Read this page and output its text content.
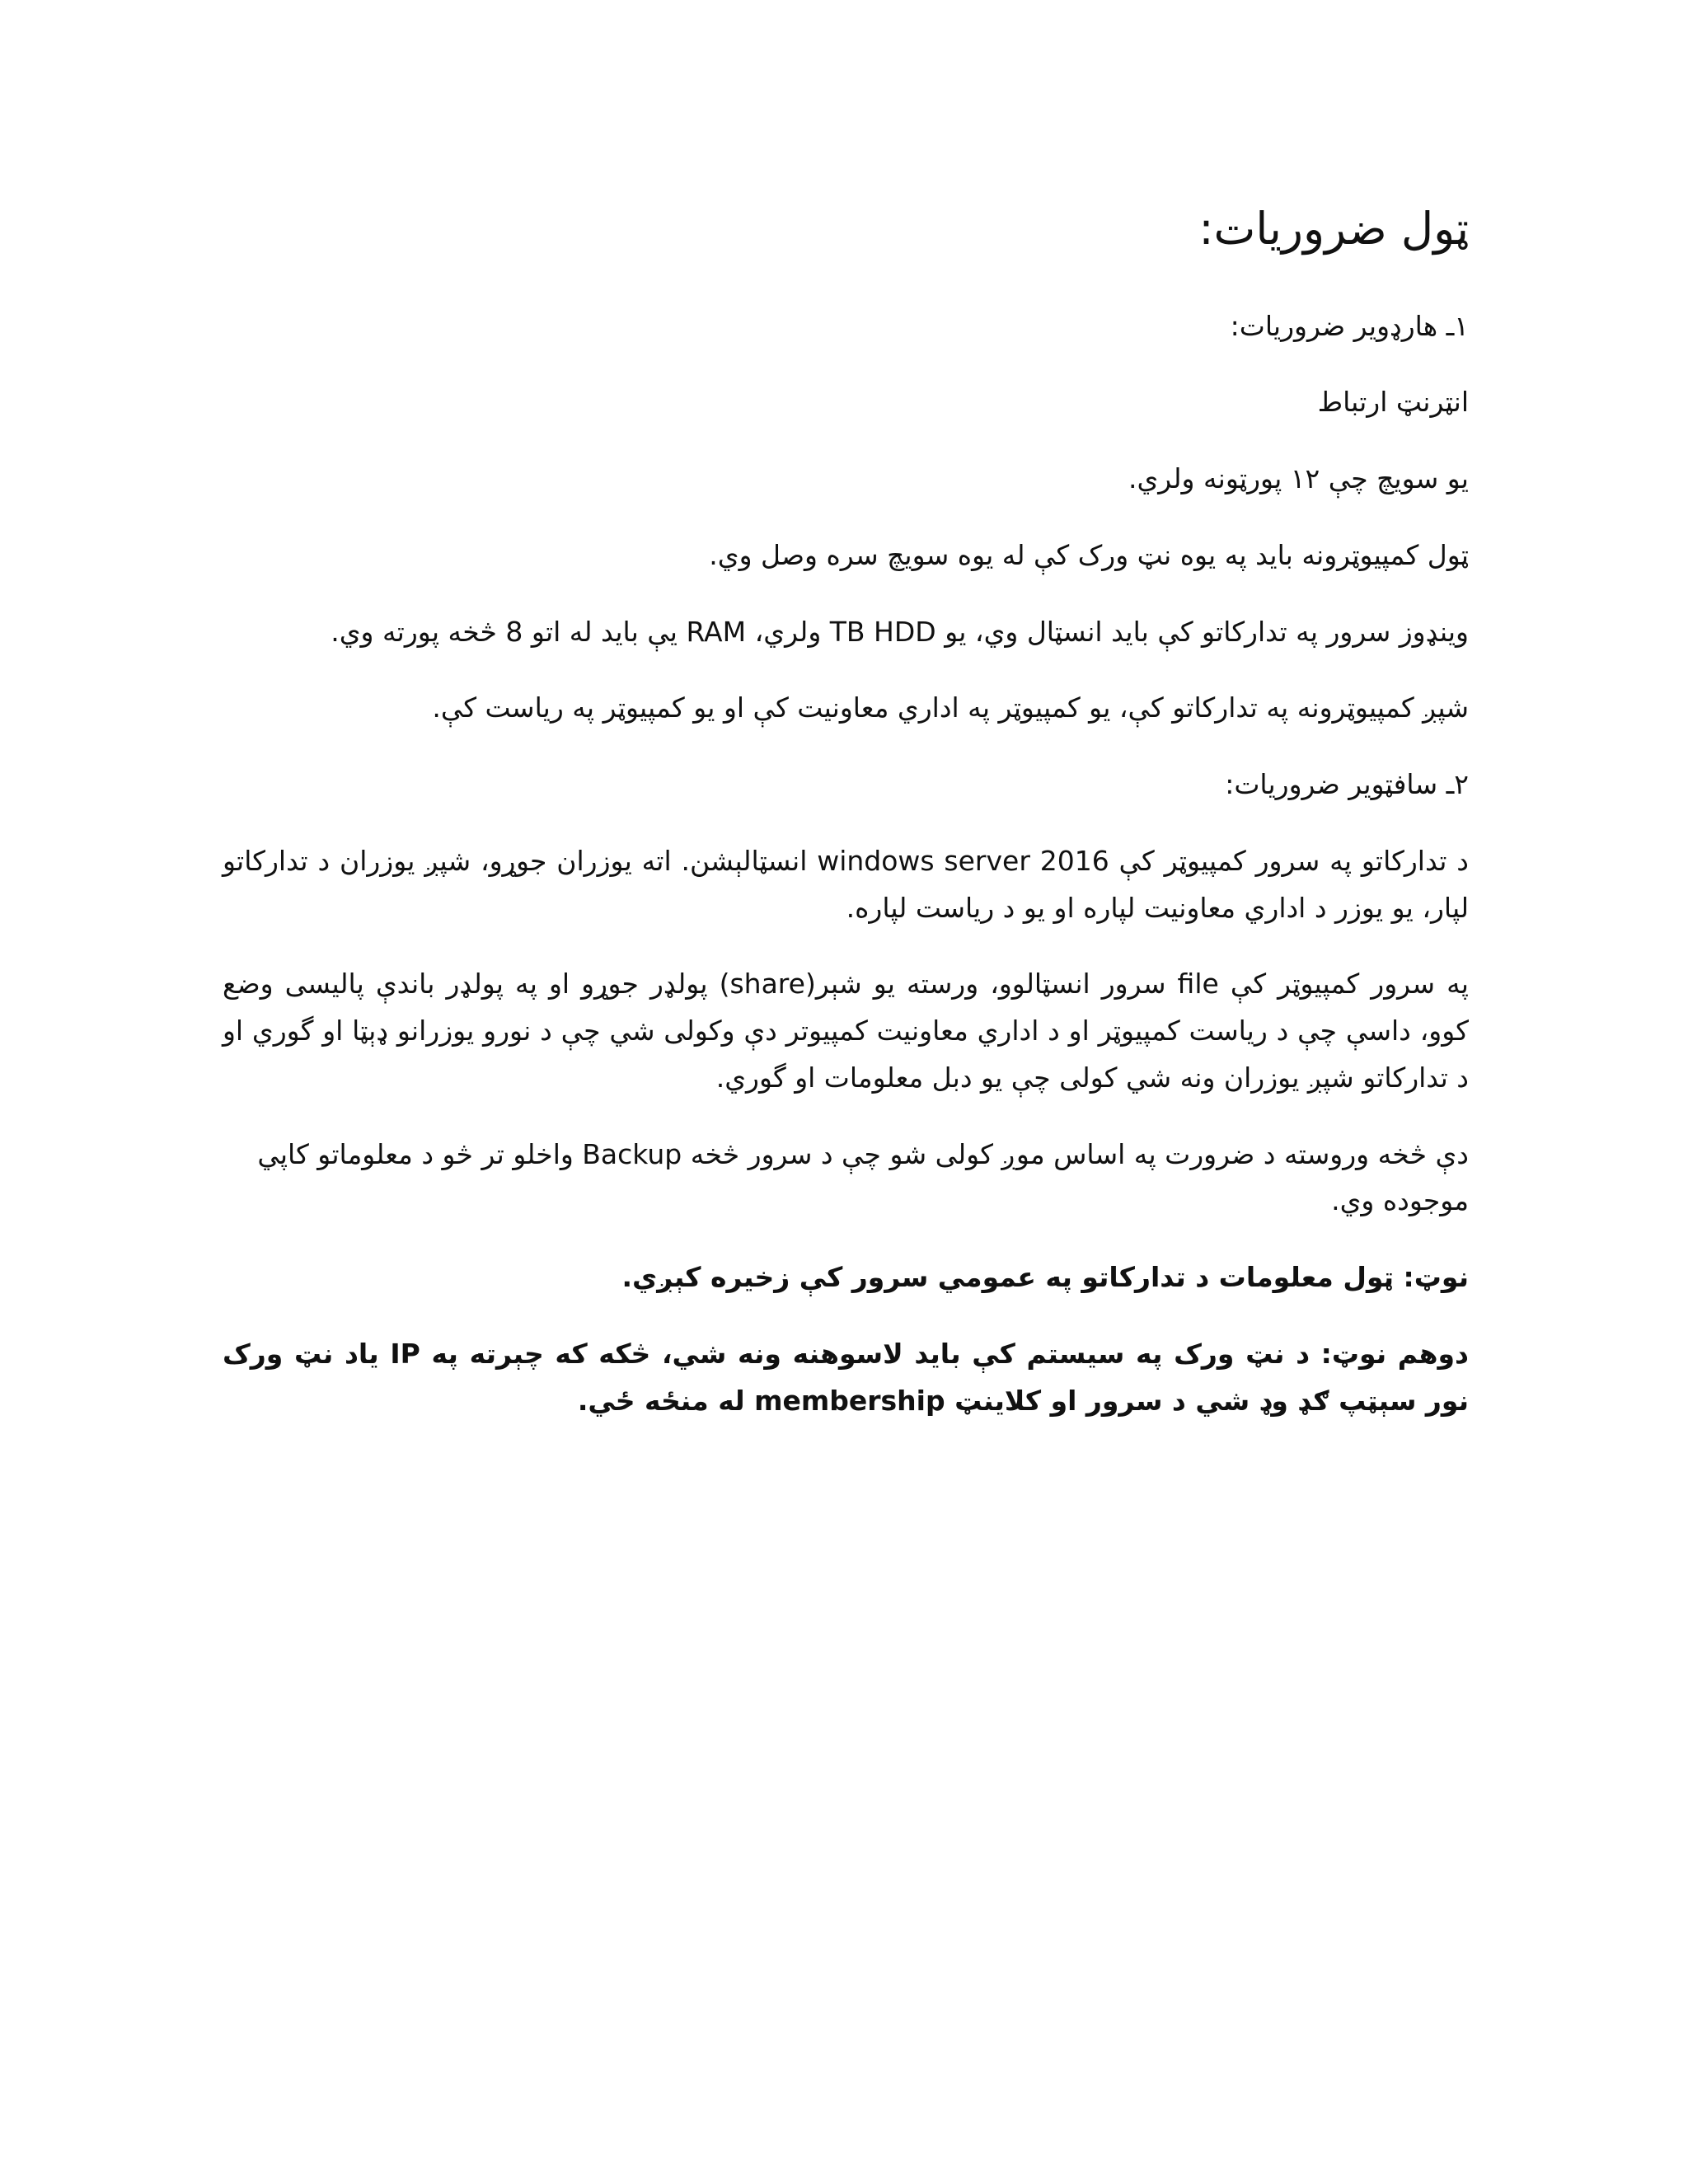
ټول ضروريات:

١ـ هارډوير ضروريات:

انټرنټ ارتباط

يو سويچ چې ١٢ پورټونه ولري.

ټول کمپيوټرونه بايد په يوه نټ ورک کې له يوه سويچ سره وصل وي.

وينډوز سرور په تدارکاتو کې بايد انسټال وي، يو TB HDD ولري، RAM يې بايد له اتو 8 څخه پورته وي.

شپږ کمپيوټرونه په تدارکاتو کې، يو کمپيوټر په اداري معاونيت کې او يو کمپيوټر په رياست کې.

٢ـ سافټوير ضروريات:

د تدارکاتو په سرور کمپيوټر کې windows server 2016 انسټالېشن. اته يوزران جوړو، شپږ يوزران د تدارکاتو لپار، يو يوزر د اداري معاونيت لپاره او يو د رياست لپاره.

په سرور کمپيوټر کې file سرور انسټالوو، ورسته يو شېر(share) پولډر جوړو او په پولډر باندې پاليسی وضع کوو، داسې چې د رياست کمپيوټر او د اداري معاونيت کمپيوتر دې وکولی شي چې د نورو يوزرانو ډېټا او گوري او د تدارکاتو شپږ يوزران ونه شي کولی چې يو دبل معلومات او گوري.

دې څخه وروسته د ضرورت په اساس موږ کولی شو چې د سرور څخه Backup واخلو تر څو د معلوماتو کاپي موجوده وي.

نوټ: ټول معلومات د تدارکاتو په عمومي سرور کې زخيره کېږي.

دوهم نوټ: د نټ ورک په سيستم کې بايد لاسوهنه ونه شي، څکه که چېرته په IP ياد نټ ورک نور سېټپ ګډ وډ شي د سرور او کلاينټ membership له منځه ځي.
